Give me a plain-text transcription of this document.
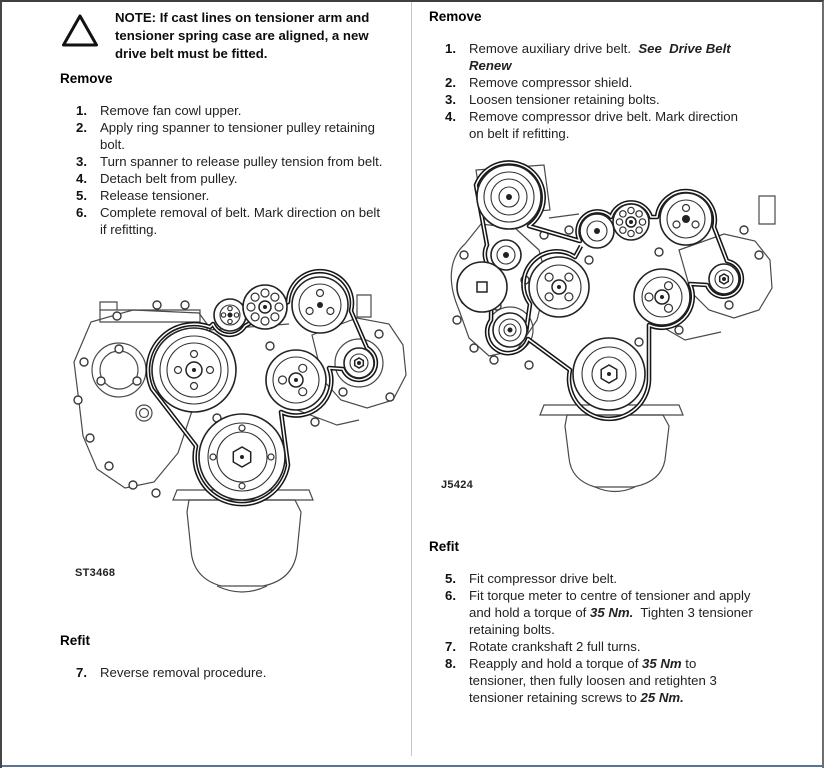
NOTE: If cast lines on tensioner arm and
tensioner spring case are aligned, a new
drive belt must be fitted.
Remove
1. Remove fan cowl upper.
2. Apply ring spanner to tensioner pulley retaining
bolt.
3. Turn spanner to release pulley tension from belt.
4. Detach belt from pulley.
5. Release tensioner.
6. Complete removal of belt. Mark direction on belt
if refitting.
ST3468
Refit
7. Reverse removal procedure.
Remove
1. Remove auxiliary drive belt.  See  Drive Belt
Renew
2. Remove compressor shield.
3. Loosen tensioner retaining bolts.
4. Remove compressor drive belt. Mark direction
on belt if refitting.
J5424
Refit
5. Fit compressor drive belt.
6. Fit torque meter to centre of tensioner and apply
and hold a torque of 35 Nm.  Tighten 3 tensioner
retaining bolts.
7. Rotate crankshaft 2 full turns.
8. Reapply and hold a torque of 35 Nm to
tensioner, then fully loosen and retighten 3
tensioner retaining screws to 25 Nm.
